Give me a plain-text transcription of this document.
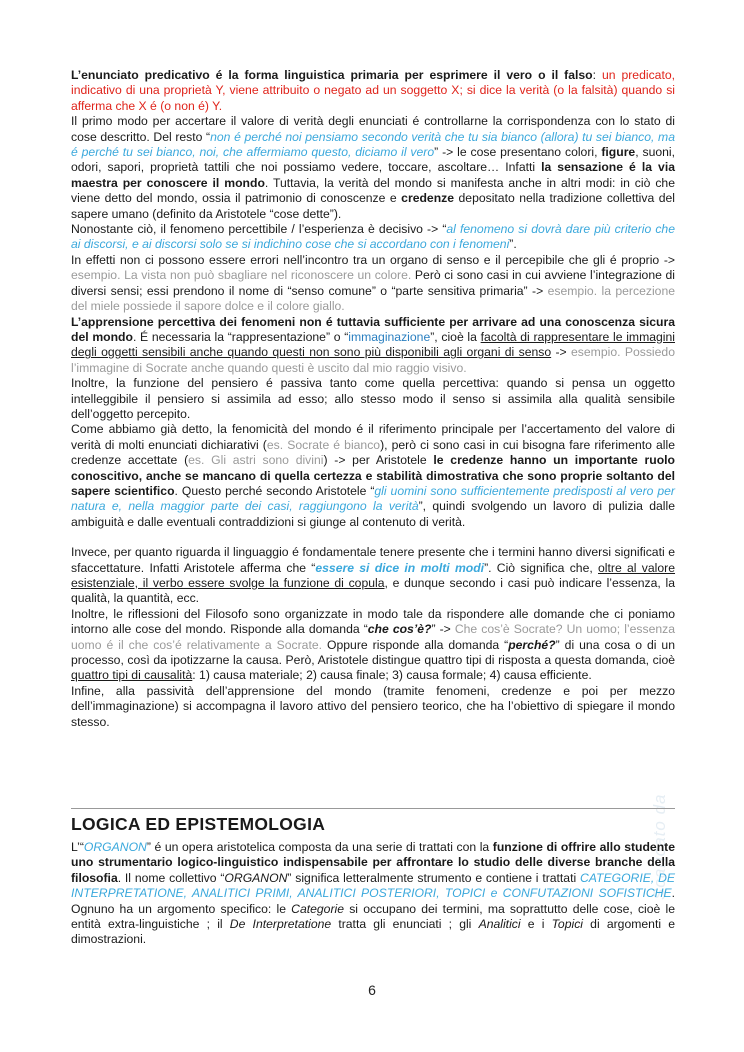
Scaricato da

L’enunciato predicativo é la forma linguistica primaria per esprimere il vero o il falso: un predicato, indicativo di una proprietà Y, viene attribuito o negato ad un soggetto X; si dice la verità (o la falsità) quando si afferma che X é (o non é) Y.

Il primo modo per accertare il valore di verità degli enunciati é controllarne la corrispondenza con lo stato di cose descritto. Del resto “non é perché noi pensiamo secondo verità che tu sia bianco (allora) tu sei bianco, ma é perché tu sei bianco, noi, che affermiamo questo, diciamo il vero” -> le cose presentano colori, figure, suoni, odori, sapori, proprietà tattili che noi possiamo vedere, toccare, ascoltare… Infatti la sensazione é la via maestra per conoscere il mondo. Tuttavia, la verità del mondo si manifesta anche in altri modi: in ciò che viene detto del mondo, ossia il patrimonio di conoscenze e credenze depositato nella tradizione collettiva del sapere umano (definito da Aristotele “cose dette”).

Nonostante ciò, il fenomeno percettibile / l’esperienza è decisivo -> “al fenomeno si dovrà dare più criterio che ai discorsi, e ai discorsi solo se si indichino cose che si accordano con i fenomeni”.

In effetti non ci possono essere errori nell’incontro tra un organo di senso e il percepibile che gli é proprio -> esempio. La vista non può sbagliare nel riconoscere un colore. Però ci sono casi in cui avviene l’integrazione di diversi sensi; essi prendono il nome di “senso comune” o “parte sensitiva primaria” -> esempio. la percezione del miele possiede il sapore dolce e il colore giallo.

L’apprensione percettiva dei fenomeni non é tuttavia sufficiente per arrivare ad una conoscenza sicura del mondo. É necessaria la “rappresentazione” o “immaginazione”, cioè la facoltà di rappresentare le immagini degli oggetti sensibili anche quando questi non sono più disponibili agli organi di senso -> esempio. Possiedo l’immagine di Socrate anche quando questi è uscito dal mio raggio visivo.

Inoltre, la funzione del pensiero é passiva tanto come quella percettiva: quando si pensa un oggetto intelleggibile il pensiero si assimila ad esso; allo stesso modo il senso si assimila alla qualità sensibile dell’oggetto percepito.

Come abbiamo già detto, la fenomicità del mondo é il riferimento principale per l’accertamento del valore di verità di molti enunciati dichiarativi (es. Socrate é bianco), però ci sono casi in cui bisogna fare riferimento alle credenze accettate (es. Gli astri sono divini) -> per Aristotele le credenze hanno un importante ruolo conoscitivo, anche se mancano di quella certezza e stabilità dimostrativa che sono proprie soltanto del sapere scientifico. Questo perché secondo Aristotele “gli uomini sono sufficientemente predisposti al vero per natura e, nella maggior parte dei casi, raggiungono la verità”, quindi svolgendo un lavoro di pulizia dalle ambiguità e dalle eventuali contraddizioni si giunge al contenuto di verità.

Invece, per quanto riguarda il linguaggio é fondamentale tenere presente che i termini hanno diversi significati e sfaccettature. Infatti Aristotele afferma che “essere si dice in molti modi”. Ciò significa che, oltre al valore esistenziale, il verbo essere svolge la funzione di copula, e dunque secondo i casi può indicare l’essenza, la qualità, la quantità, ecc.

Inoltre, le riflessioni del Filosofo sono organizzate in modo tale da rispondere alle domande che ci poniamo intorno alle cose del mondo. Risponde alla domanda “che cos’è?” -> Che cos’è Socrate? Un uomo; l’essenza uomo é il che cos’é relativamente a Socrate. Oppure risponde alla domanda “perché?” di una cosa o di un processo, così da ipotizzarne la causa. Però, Aristotele distingue quattro tipi di risposta a questa domanda, cioè quattro tipi di causalità: 1) causa materiale; 2) causa finale; 3) causa formale; 4) causa efficiente.

Infine, alla passività dell’apprensione del mondo (tramite fenomeni, credenze e poi per mezzo dell’immaginazione) si accompagna il lavoro attivo del pensiero teorico, che ha l’obiettivo di spiegare il mondo stesso.

LOGICA ED EPISTEMOLOGIA

L’“ORGANON” é un opera aristotelica composta da una serie di trattati con la funzione di offrire allo studente uno strumentario logico-linguistico indispensabile per affrontare lo studio delle diverse branche della filosofia. Il nome collettivo “ORGANON” significa letteralmente strumento e contiene i trattati CATEGORIE, DE INTERPRETATIONE, ANALITICI PRIMI, ANALITICI POSTERIORI, TOPICI e CONFUTAZIONI SOFISTICHE. Ognuno ha un argomento specifico: le Categorie si occupano dei termini, ma soprattutto delle cose, cioè le entità extra-linguistiche ; il De Interpretatione tratta gli enunciati ; gli Analitici e i Topici di argomenti e dimostrazioni.

6
